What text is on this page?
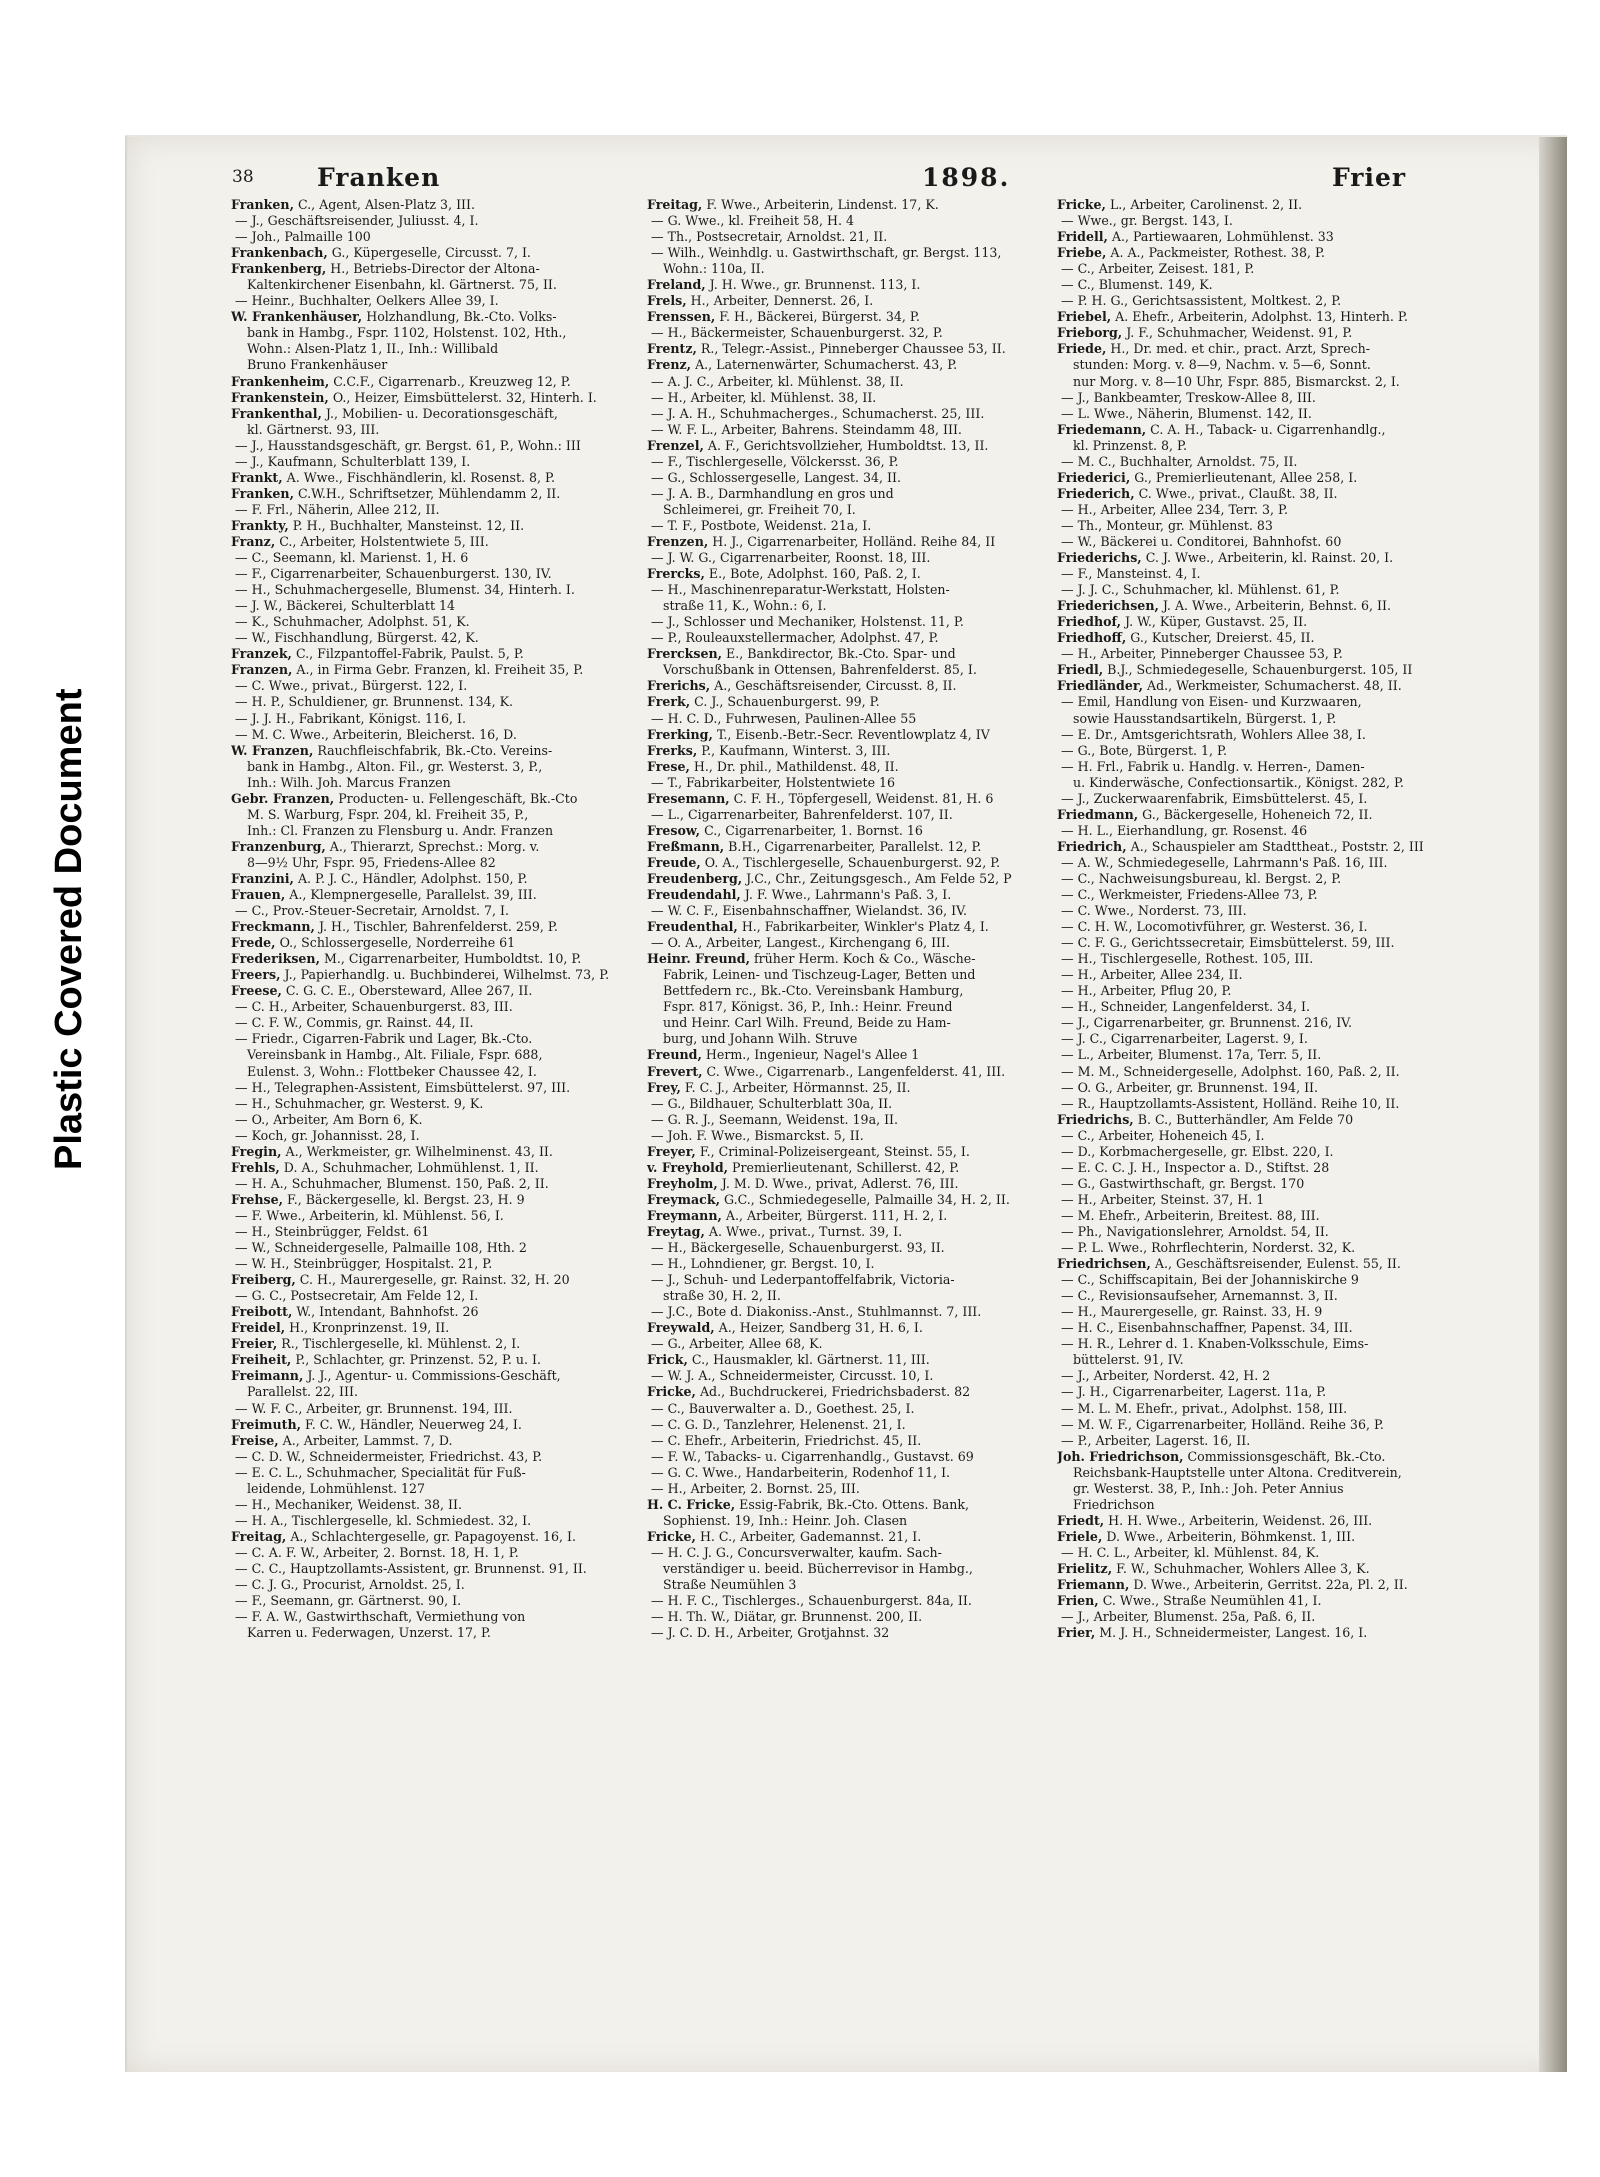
Plastic Covered Document
38	Franken	1898.	Frier
Franken, C., Agent, Alsen-Platz 3, III.
— J., Geschäftsreisender, Juliusst. 4, I.
— Joh., Palmaille 100
Frankenbach, G., Küpergeselle, Circusst. 7, I.
Frankenberg, H., Betriebs-Director der Altona-
Kaltenkirchener Eisenbahn, kl. Gärtnerst. 75, II.
— Heinr., Buchhalter, Oelkers Allee 39, I.
W. Frankenhäuser, Holzhandlung, Bk.-Cto. Volks-
bank in Hambg., Fspr. 1102, Holstenst. 102, Hth.,
Wohn.: Alsen-Platz 1, II., Inh.: Willibald
Bruno Frankenhäuser
Frankenheim, C.C.F., Cigarrenarb., Kreuzweg 12, P.
Frankenstein, O., Heizer, Eimsbüttelerst. 32, Hinterh. I.
Frankenthal, J., Mobilien- u. Decorationsgeschäft,
kl. Gärtnerst. 93, III.
— J., Hausstandsgeschäft, gr. Bergst. 61, P., Wohn.: III
— J., Kaufmann, Schulterblatt 139, I.
Frankt, A. Wwe., Fischhändlerin, kl. Rosenst. 8, P.
Franken, C.W.H., Schriftsetzer, Mühlendamm 2, II.
— F. Frl., Näherin, Allee 212, II.
Frankty, P. H., Buchhalter, Mansteinst. 12, II.
Franz, C., Arbeiter, Holstentwiete 5, III.
— C., Seemann, kl. Marienst. 1, H. 6
— F., Cigarrenarbeiter, Schauenburgerst. 130, IV.
— H., Schuhmachergeselle, Blumenst. 34, Hinterh. I.
— J. W., Bäckerei, Schulterblatt 14
— K., Schuhmacher, Adolphst. 51, K.
— W., Fischhandlung, Bürgerst. 42, K.
Franzek, C., Filzpantoffel-Fabrik, Paulst. 5, P.
Franzen, A., in Firma Gebr. Franzen, kl. Freiheit 35, P.
— C. Wwe., privat., Bürgerst. 122, I.
— H. P., Schuldiener, gr. Brunnenst. 134, K.
— J. J. H., Fabrikant, Königst. 116, I.
— M. C. Wwe., Arbeiterin, Bleicherst. 16, D.
W. Franzen, Rauchfleischfabrik, Bk.-Cto. Vereins-
bank in Hambg., Alton. Fil., gr. Westerst. 3, P.,
Inh.: Wilh. Joh. Marcus Franzen
Gebr. Franzen, Producten- u. Fellengeschäft, Bk.-Cto
M. S. Warburg, Fspr. 204, kl. Freiheit 35, P.,
Inh.: Cl. Franzen zu Flensburg u. Andr. Franzen
Franzenburg, A., Thierarzt, Sprechst.: Morg. v.
8—9½ Uhr, Fspr. 95, Friedens-Allee 82
Franzini, A. P. J. C., Händler, Adolphst. 150, P.
Frauen, A., Klempnergeselle, Parallelst. 39, III.
— C., Prov.-Steuer-Secretair, Arnoldst. 7, I.
Freckmann, J. H., Tischler, Bahrenfelderst. 259, P.
Frede, O., Schlossergeselle, Norderreihe 61
Frederiksen, M., Cigarrenarbeiter, Humboldtst. 10, P.
Freers, J., Papierhandlg. u. Buchbinderei, Wilhelmst. 73, P.
Freese, C. G. C. E., Obersteward, Allee 267, II.
— C. H., Arbeiter, Schauenburgerst. 83, III.
— C. F. W., Commis, gr. Rainst. 44, II.
— Friedr., Cigarren-Fabrik und Lager, Bk.-Cto.
Vereinsbank in Hambg., Alt. Filiale, Fspr. 688,
Eulenst. 3, Wohn.: Flottbeker Chaussee 42, I.
— H., Telegraphen-Assistent, Eimsbüttelerst. 97, III.
— H., Schuhmacher, gr. Westerst. 9, K.
— O., Arbeiter, Am Born 6, K.
— Koch, gr. Johannisst. 28, I.
Fregin, A., Werkmeister, gr. Wilhelminenst. 43, II.
Frehls, D. A., Schuhmacher, Lohmühlenst. 1, II.
— H. A., Schuhmacher, Blumenst. 150, Paß. 2, II.
Frehse, F., Bäckergeselle, kl. Bergst. 23, H. 9
— F. Wwe., Arbeiterin, kl. Mühlenst. 56, I.
— H., Steinbrügger, Feldst. 61
— W., Schneidergeselle, Palmaille 108, Hth. 2
— W. H., Steinbrügger, Hospitalst. 21, P.
Freiberg, C. H., Maurergeselle, gr. Rainst. 32, H. 20
— G. C., Postsecretair, Am Felde 12, I.
Freibott, W., Intendant, Bahnhofst. 26
Freidel, H., Kronprinzenst. 19, II.
Freier, R., Tischlergeselle, kl. Mühlenst. 2, I.
Freiheit, P., Schlachter, gr. Prinzenst. 52, P. u. I.
Freimann, J. J., Agentur- u. Commissions-Geschäft,
Parallelst. 22, III.
— W. F. C., Arbeiter, gr. Brunnenst. 194, III.
Freimuth, F. C. W., Händler, Neuerweg 24, I.
Freise, A., Arbeiter, Lammst. 7, D.
— C. D. W., Schneidermeister, Friedrichst. 43, P.
— E. C. L., Schuhmacher, Specialität für Fuß-
leidende, Lohmühlenst. 127
— H., Mechaniker, Weidenst. 38, II.
— H. A., Tischlergeselle, kl. Schmiedest. 32, I.
Freitag, A., Schlachtergeselle, gr. Papagoyenst. 16, I.
— C. A. F. W., Arbeiter, 2. Bornst. 18, H. 1, P.
— C. C., Hauptzollamts-Assistent, gr. Brunnenst. 91, II.
— C. J. G., Procurist, Arnoldst. 25, I.
— F., Seemann, gr. Gärtnerst. 90, I.
— F. A. W., Gastwirthschaft, Vermiethung von
Karren u. Federwagen, Unzerst. 17, P.
Freitag, F. Wwe., Arbeiterin, Lindenst. 17, K.
— G. Wwe., kl. Freiheit 58, H. 4
— Th., Postsecretair, Arnoldst. 21, II.
— Wilh., Weinhdlg. u. Gastwirthschaft, gr. Bergst. 113,
Wohn.: 110a, II.
Freland, J. H. Wwe., gr. Brunnenst. 113, I.
Frels, H., Arbeiter, Dennerst. 26, I.
Frenssen, F. H., Bäckerei, Bürgerst. 34, P.
— H., Bäckermeister, Schauenburgerst. 32, P.
Frentz, R., Telegr.-Assist., Pinneberger Chaussee 53, II.
Frenz, A., Laternenwärter, Schumacherst. 43, P.
— A. J. C., Arbeiter, kl. Mühlenst. 38, II.
— H., Arbeiter, kl. Mühlenst. 38, II.
— J. A. H., Schuhmacherges., Schumacherst. 25, III.
— W. F. L., Arbeiter, Bahrens. Steindamm 48, III.
Frenzel, A. F., Gerichtsvollzieher, Humboldtst. 13, II.
— F., Tischlergeselle, Völckersst. 36, P.
— G., Schlossergeselle, Langest. 34, II.
— J. A. B., Darmhandlung en gros und
Schleimerei, gr. Freiheit 70, I.
— T. F., Postbote, Weidenst. 21a, I.
Frenzen, H. J., Cigarrenarbeiter, Holländ. Reihe 84, II
— J. W. G., Cigarrenarbeiter, Roonst. 18, III.
Frercks, E., Bote, Adolphst. 160, Paß. 2, I.
— H., Maschinenreparatur-Werkstatt, Holsten-
straße 11, K., Wohn.: 6, I.
— J., Schlosser und Mechaniker, Holstenst. 11, P.
— P., Rouleauxstellermacher, Adolphst. 47, P.
Frercksen, E., Bankdirector, Bk.-Cto. Spar- und
Vorschußbank in Ottensen, Bahrenfelderst. 85, I.
Frerichs, A., Geschäftsreisender, Circusst. 8, II.
Frerk, C. J., Schauenburgerst. 99, P.
— H. C. D., Fuhrwesen, Paulinen-Allee 55
Frerking, T., Eisenb.-Betr.-Secr. Reventlowplatz 4, IV
Frerks, P., Kaufmann, Winterst. 3, III.
Frese, H., Dr. phil., Mathildenst. 48, II.
— T., Fabrikarbeiter, Holstentwiete 16
Fresemann, C. F. H., Töpfergesell, Weidenst. 81, H. 6
— L., Cigarrenarbeiter, Bahrenfelderst. 107, II.
Fresow, C., Cigarrenarbeiter, 1. Bornst. 16
Freßmann, B.H., Cigarrenarbeiter, Parallelst. 12, P.
Freude, O. A., Tischlergeselle, Schauenburgerst. 92, P.
Freudenberg, J.C., Chr., Zeitungsgesch., Am Felde 52, P
Freudendahl, J. F. Wwe., Lahrmann's Paß. 3, I.
— W. C. F., Eisenbahnschaffner, Wielandst. 36, IV.
Freudenthal, H., Fabrikarbeiter, Winkler's Platz 4, I.
— O. A., Arbeiter, Langest., Kirchengang 6, III.
Heinr. Freund, früher Herm. Koch & Co., Wäsche-
Fabrik, Leinen- und Tischzeug-Lager, Betten und
Bettfedern rc., Bk.-Cto. Vereinsbank Hamburg,
Fspr. 817, Königst. 36, P., Inh.: Heinr. Freund
und Heinr. Carl Wilh. Freund, Beide zu Ham-
burg, und Johann Wilh. Struve
Freund, Herm., Ingenieur, Nagel's Allee 1
Frevert, C. Wwe., Cigarrenarb., Langenfelderst. 41, III.
Frey, F. C. J., Arbeiter, Hörmannst. 25, II.
— G., Bildhauer, Schulterblatt 30a, II.
— G. R. J., Seemann, Weidenst. 19a, II.
— Joh. F. Wwe., Bismarckst. 5, II.
Freyer, F., Criminal-Polizeisergeant, Steinst. 55, I.
v. Freyhold, Premierlieutenant, Schillerst. 42, P.
Freyholm, J. M. D. Wwe., privat, Adlerst. 76, III.
Freymack, G.C., Schmiedegeselle, Palmaille 34, H. 2, II.
Freymann, A., Arbeiter, Bürgerst. 111, H. 2, I.
Freytag, A. Wwe., privat., Turnst. 39, I.
— H., Bäckergeselle, Schauenburgerst. 93, II.
— H., Lohndiener, gr. Bergst. 10, I.
— J., Schuh- und Lederpantoffelfabrik, Victoria-
straße 30, H. 2, II.
— J.C., Bote d. Diakoniss.-Anst., Stuhlmannst. 7, III.
Freywald, A., Heizer, Sandberg 31, H. 6, I.
— G., Arbeiter, Allee 68, K.
Frick, C., Hausmakler, kl. Gärtnerst. 11, III.
— W. J. A., Schneidermeister, Circusst. 10, I.
Fricke, Ad., Buchdruckerei, Friedrichsbaderst. 82
— C., Bauverwalter a. D., Goethest. 25, I.
— C. G. D., Tanzlehrer, Helenenst. 21, I.
— C. Ehefr., Arbeiterin, Friedrichst. 45, II.
— F. W., Tabacks- u. Cigarrenhandlg., Gustavst. 69
— G. C. Wwe., Handarbeiterin, Rodenhof 11, I.
— H., Arbeiter, 2. Bornst. 25, III.
H. C. Fricke, Essig-Fabrik, Bk.-Cto. Ottens. Bank,
Sophienst. 19, Inh.: Heinr. Joh. Clasen
Fricke, H. C., Arbeiter, Gademannst. 21, I.
— H. C. J. G., Concursverwalter, kaufm. Sach-
verständiger u. beeid. Bücherrevisor in Hambg.,
Straße Neumühlen 3
— H. F. C., Tischlerges., Schauenburgerst. 84a, II.
— H. Th. W., Diätar, gr. Brunnenst. 200, II.
— J. C. D. H., Arbeiter, Grotjahnst. 32
Fricke, L., Arbeiter, Carolinenst. 2, II.
— Wwe., gr. Bergst. 143, I.
Fridell, A., Partiewaaren, Lohmühlenst. 33
Friebe, A. A., Packmeister, Rothest. 38, P.
— C., Arbeiter, Zeisest. 181, P.
— C., Blumenst. 149, K.
— P. H. G., Gerichtsassistent, Moltkest. 2, P.
Friebel, A. Ehefr., Arbeiterin, Adolphst. 13, Hinterh. P.
Frieborg, J. F., Schuhmacher, Weidenst. 91, P.
Friede, H., Dr. med. et chir., pract. Arzt, Sprech-
stunden: Morg. v. 8—9, Nachm. v. 5—6, Sonnt.
nur Morg. v. 8—10 Uhr, Fspr. 885, Bismarckst. 2, I.
— J., Bankbeamter, Treskow-Allee 8, III.
— L. Wwe., Näherin, Blumenst. 142, II.
Friedemann, C. A. H., Taback- u. Cigarrenhandlg.,
kl. Prinzenst. 8, P.
— M. C., Buchhalter, Arnoldst. 75, II.
Friederici, G., Premierlieutenant, Allee 258, I.
Friederich, C. Wwe., privat., Claußt. 38, II.
— H., Arbeiter, Allee 234, Terr. 3, P.
— Th., Monteur, gr. Mühlenst. 83
— W., Bäckerei u. Conditorei, Bahnhofst. 60
Friederichs, C. J. Wwe., Arbeiterin, kl. Rainst. 20, I.
— F., Mansteinst. 4, I.
— J. J. C., Schuhmacher, kl. Mühlenst. 61, P.
Friederichsen, J. A. Wwe., Arbeiterin, Behnst. 6, II.
Friedhof, J. W., Küper, Gustavst. 25, II.
Friedhoff, G., Kutscher, Dreierst. 45, II.
— H., Arbeiter, Pinneberger Chaussee 53, P.
Friedl, B.J., Schmiedegeselle, Schauenburgerst. 105, II
Friedländer, Ad., Werkmeister, Schumacherst. 48, II.
— Emil, Handlung von Eisen- und Kurzwaaren,
sowie Hausstandsartikeln, Bürgerst. 1, P.
— E. Dr., Amtsgerichtsrath, Wohlers Allee 38, I.
— G., Bote, Bürgerst. 1, P.
— H. Frl., Fabrik u. Handlg. v. Herren-, Damen-
u. Kinderwäsche, Confectionsartik., Königst. 282, P.
— J., Zuckerwaarenfabrik, Eimsbüttelerst. 45, I.
Friedmann, G., Bäckergeselle, Hoheneich 72, II.
— H. L., Eierhandlung, gr. Rosenst. 46
Friedrich, A., Schauspieler am Stadttheat., Poststr. 2, III
— A. W., Schmiedegeselle, Lahrmann's Paß. 16, III.
— C., Nachweisungsbureau, kl. Bergst. 2, P.
— C., Werkmeister, Friedens-Allee 73, P.
— C. Wwe., Norderst. 73, III.
— C. H. W., Locomotivführer, gr. Westerst. 36, I.
— C. F. G., Gerichtssecretair, Eimsbüttelerst. 59, III.
— H., Tischlergeselle, Rothest. 105, III.
— H., Arbeiter, Allee 234, II.
— H., Arbeiter, Pflug 20, P.
— H., Schneider, Langenfelderst. 34, I.
— J., Cigarrenarbeiter, gr. Brunnenst. 216, IV.
— J. C., Cigarrenarbeiter, Lagerst. 9, I.
— L., Arbeiter, Blumenst. 17a, Terr. 5, II.
— M. M., Schneidergeselle, Adolphst. 160, Paß. 2, II.
— O. G., Arbeiter, gr. Brunnenst. 194, II.
— R., Hauptzollamts-Assistent, Holländ. Reihe 10, II.
Friedrichs, B. C., Butterhändler, Am Felde 70
— C., Arbeiter, Hoheneich 45, I.
— D., Korbmachergeselle, gr. Elbst. 220, I.
— E. C. C. J. H., Inspector a. D., Stiftst. 28
— G., Gastwirthschaft, gr. Bergst. 170
— H., Arbeiter, Steinst. 37, H. 1
— M. Ehefr., Arbeiterin, Breitest. 88, III.
— Ph., Navigationslehrer, Arnoldst. 54, II.
— P. L. Wwe., Rohrflechterin, Norderst. 32, K.
Friedrichsen, A., Geschäftsreisender, Eulenst. 55, II.
— C., Schiffscapitain, Bei der Johanniskirche 9
— C., Revisionsaufseher, Arnemannst. 3, II.
— H., Maurergeselle, gr. Rainst. 33, H. 9
— H. C., Eisenbahnschaffner, Papenst. 34, III.
— H. R., Lehrer d. 1. Knaben-Volksschule, Eims-
büttelerst. 91, IV.
— J., Arbeiter, Norderst. 42, H. 2
— J. H., Cigarrenarbeiter, Lagerst. 11a, P.
— M. L. M. Ehefr., privat., Adolphst. 158, III.
— M. W. F., Cigarrenarbeiter, Holländ. Reihe 36, P.
— P., Arbeiter, Lagerst. 16, II.
Joh. Friedrichson, Commissionsgeschäft, Bk.-Cto.
Reichsbank-Hauptstelle unter Altona. Creditverein,
gr. Westerst. 38, P., Inh.: Joh. Peter Annius
Friedrichson
Friedt, H. H. Wwe., Arbeiterin, Weidenst. 26, III.
Friele, D. Wwe., Arbeiterin, Böhmkenst. 1, III.
— H. C. L., Arbeiter, kl. Mühlenst. 84, K.
Frielitz, F. W., Schuhmacher, Wohlers Allee 3, K.
Friemann, D. Wwe., Arbeiterin, Gerritst. 22a, Pl. 2, II.
Frien, C. Wwe., Straße Neumühlen 41, I.
— J., Arbeiter, Blumenst. 25a, Paß. 6, II.
Frier, M. J. H., Schneidermeister, Langest. 16, I.
